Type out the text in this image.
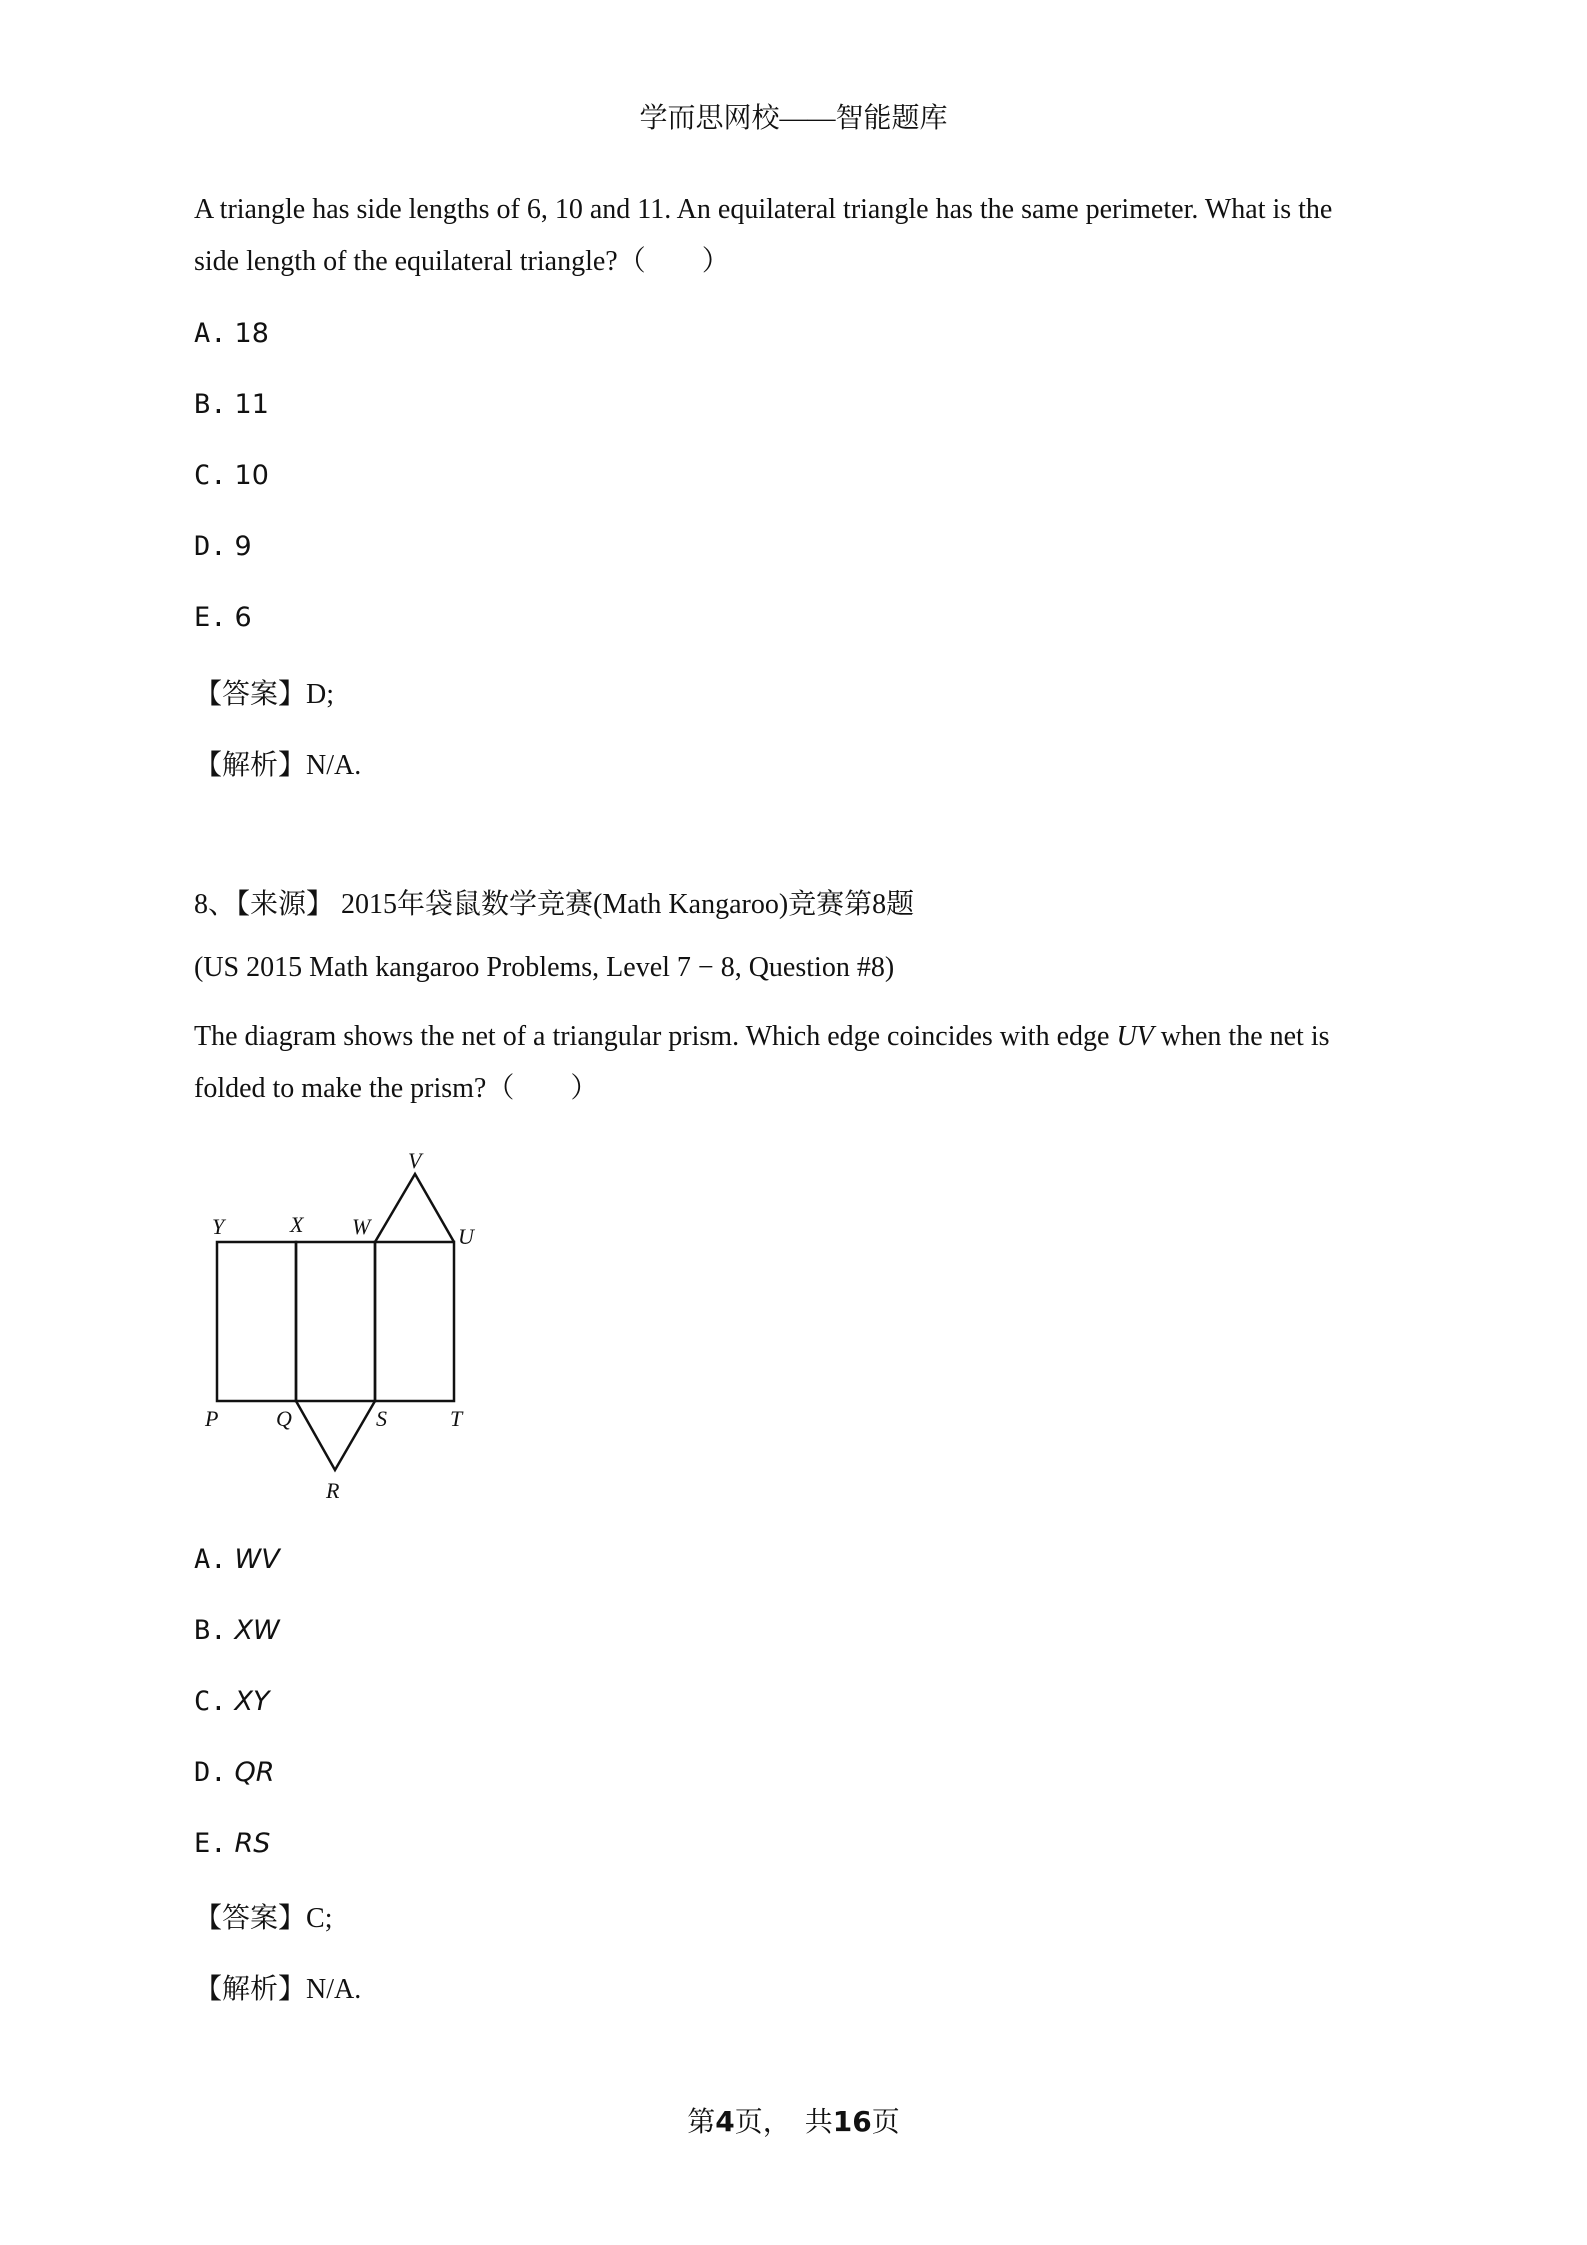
学而思网校——智能题库
A triangle has side lengths of 6, 10 and 11. An equilateral triangle has the same perimeter. What is the
side length of the equilateral triangle?（　　）
A. 18
B. 11
C. 10
D. 9
E. 6
【答案】D;
【解析】N/A.
8、【来源】 2015年袋鼠数学竞赛(Math Kangaroo)竞赛第8题
(US 2015 Math kangaroo Problems, Level 7 − 8, Question #8)
The diagram shows the net of a triangular prism. Which edge coincides with edge UV when the net is
folded to make the prism?（　　）
V
Y	X W	U
P	Q	S	T
R
A. WV
B. XW
C. XY
D. QR
E. RS
【答案】C;
【解析】N/A.
第4页，　共16页
